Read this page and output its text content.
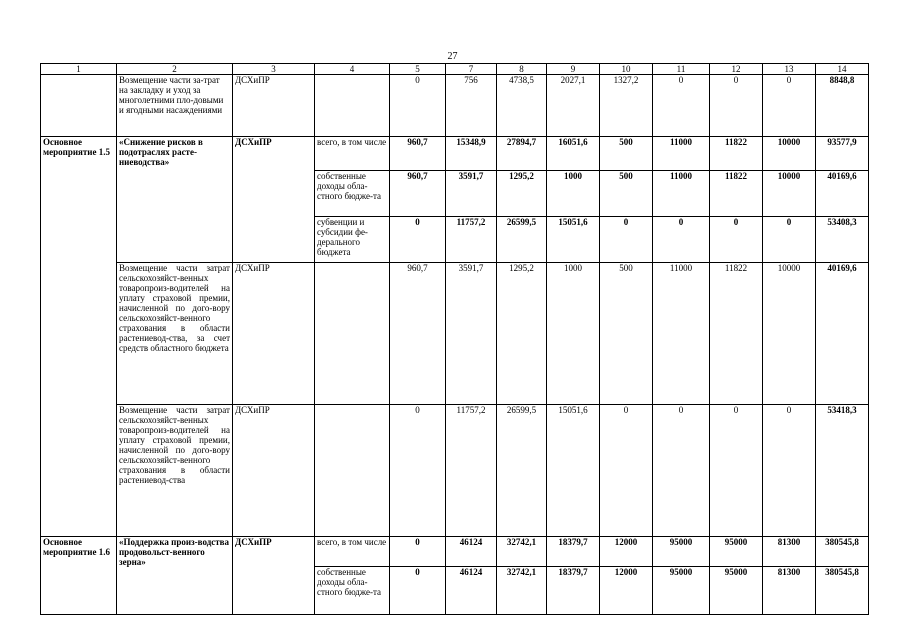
27
1	2	3	4	5	7	8	9	10	11	12	13	14
	Возмещение части за-трат на закладку и уход за многолетними пло-довыми и ягодными насаждениями	ДСХиПР		0	756	4738,5	2027,1	1327,2	0	0	0	8848,8
Основное мероприятие 1.5	«Снижение рисков в подотраслях расте-ниеводства»	ДСХиПР	всего, в том числе	960,7	15348,9	27894,7	16051,6	500	11000	11822	10000	93577,9
			собственные доходы обла-стного бюдже-та	960,7	3591,7	1295,2	1000	500	11000	11822	10000	40169,6
			субвенции и субсидии фе-дерального бюджета	0	11757,2	26599,5	15051,6	0	0	0	0	53408,3
	Возмещение части затрат сельскохозяйст-венных товаропроиз-водителей на уплату страховой премии, начисленной по дого-вору сельскохозяйст-венного страхования в области растениевод-ства, за счет средств областного бюджета	ДСХиПР		960,7	3591,7	1295,2	1000	500	11000	11822	10000	40169,6
	Возмещение части затрат сельскохозяйст-венных товаропроиз-водителей на уплату страховой премии, начисленной по дого-вору сельскохозяйст-венного страхования в области растениевод-ства	ДСХиПР		0	11757,2	26599,5	15051,6	0	0	0	0	53418,3
Основное мероприятие 1.6	«Поддержка произ-водства продовольст-венного зерна»	ДСХиПР	всего, в том числе	0	46124	32742,1	18379,7	12000	95000	95000	81300	380545,8
			собственные доходы обла-стного бюдже-та	0	46124	32742,1	18379,7	12000	95000	95000	81300	380545,8
